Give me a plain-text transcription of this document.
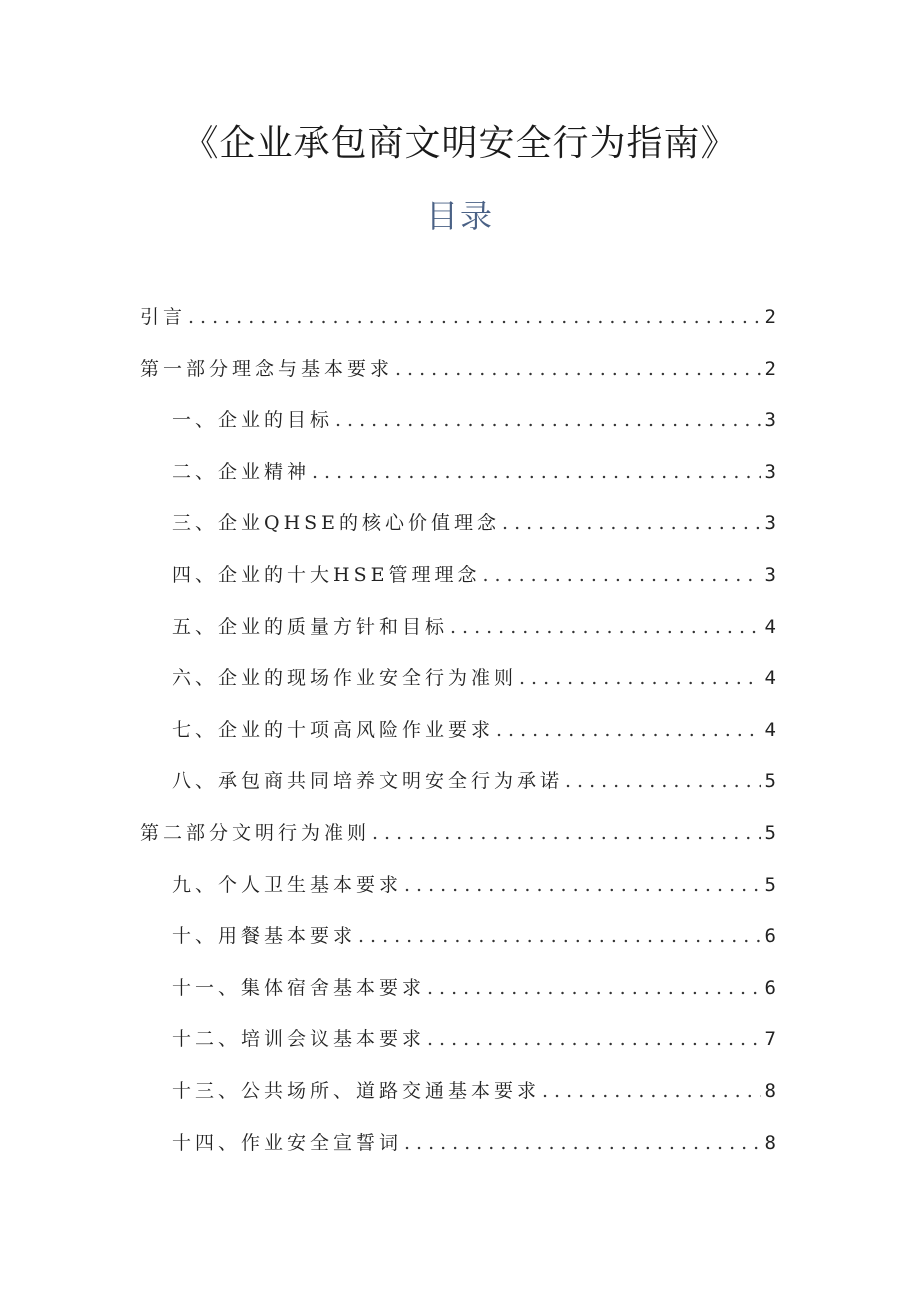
《企业承包商文明安全行为指南》
目录
引言 .....	2
第一部分理念与基本要求 .....	2
一、企业的目标 .....	3
二、企业精神 .....	3
三、企业QHSE的核心价值理念 .....	3
四、企业的十大HSE管理理念 .....	3
五、企业的质量方针和目标 .....	4
六、企业的现场作业安全行为准则 .....	4
七、企业的十项高风险作业要求 .....	4
八、承包商共同培养文明安全行为承诺 .....	5
第二部分文明行为准则 .....	5
九、个人卫生基本要求 .....	5
十、用餐基本要求 .....	6
十一、集体宿舍基本要求 .....	6
十二、培训会议基本要求 .....	7
十三、公共场所、道路交通基本要求 .....	8
十四、作业安全宣誓词 .....	8
